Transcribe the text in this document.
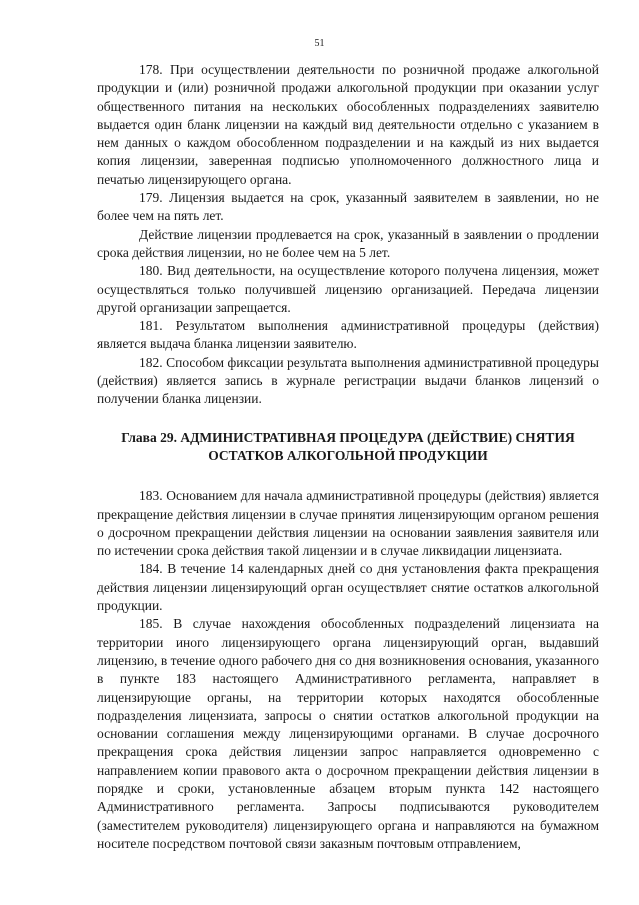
51

178. При осуществлении деятельности по розничной продаже алкогольной продукции и (или) розничной продажи алкогольной продукции при оказании услуг общественного питания на нескольких обособленных подразделениях заявителю выдается один бланк лицензии на каждый вид деятельности отдельно с указанием в нем данных о каждом обособленном подразделении и на каждый из них выдается копия лицензии, заверенная подписью уполномоченного должностного лица и печатью лицензирующего органа.

179. Лицензия выдается на срок, указанный заявителем в заявлении, но не более чем на пять лет.

Действие лицензии продлевается на срок, указанный в заявлении о продлении срока действия лицензии, но не более чем на 5 лет.

180. Вид деятельности, на осуществление которого получена лицензия, может осуществляться только получившей лицензию организацией. Передача лицензии другой организации запрещается.

181. Результатом выполнения административной процедуры (действия) является выдача бланка лицензии заявителю.

182. Способом фиксации результата выполнения административной процедуры (действия) является запись в журнале регистрации выдачи бланков лицензий о получении бланка лицензии.

Глава 29. АДМИНИСТРАТИВНАЯ ПРОЦЕДУРА (ДЕЙСТВИЕ) СНЯТИЯ ОСТАТКОВ АЛКОГОЛЬНОЙ ПРОДУКЦИИ

183. Основанием для начала административной процедуры (действия) является прекращение действия лицензии в случае принятия лицензирующим органом решения о досрочном прекращении действия лицензии на основании заявления заявителя или по истечении срока действия такой лицензии и в случае ликвидации лицензиата.

184. В течение 14 календарных дней со дня установления факта прекращения действия лицензии лицензирующий орган осуществляет снятие остатков алкогольной продукции.

185. В случае нахождения обособленных подразделений лицензиата на территории иного лицензирующего органа лицензирующий орган, выдавший лицензию, в течение одного рабочего дня со дня возникновения основания, указанного в пункте 183 настоящего Административного регламента, направляет в лицензирующие органы, на территории которых находятся обособленные подразделения лицензиата, запросы о снятии остатков алкогольной продукции на основании соглашения между лицензирующими органами. В случае досрочного прекращения срока действия лицензии запрос направляется одновременно с направлением копии правового акта о досрочном прекращении действия лицензии в порядке и сроки, установленные абзацем вторым пункта 142 настоящего Административного регламента. Запросы подписываются руководителем (заместителем руководителя) лицензирующего органа и направляются на бумажном носителе посредством почтовой связи заказным почтовым отправлением,
